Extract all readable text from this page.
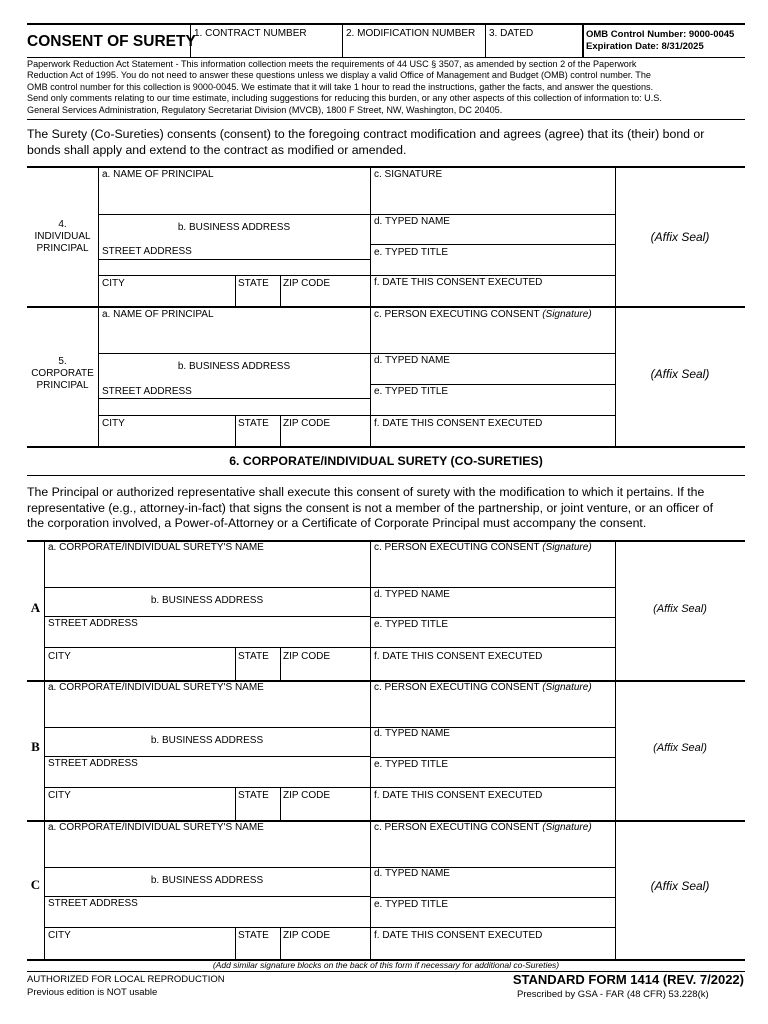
CONSENT OF SURETY
1. CONTRACT NUMBER	2. MODIFICATION NUMBER 3. DATED	OMB Control Number: 9000-0045
Expiration Date: 8/31/2025
Paperwork Reduction Act Statement - This information collection meets the requirements of 44 USC § 3507, as amended by section 2 of the Paperwork
Reduction Act of 1995. You do not need to answer these questions unless we display a valid Office of Management and Budget (OMB) control number. The
OMB control number for this collection is 9000-0045. We estimate that it will take 1 hour to read the instructions, gather the facts, and answer the questions.
Send only comments relating to our time estimate, including suggestions for reducing this burden, or any other aspects of this collection of information to: U.S.
General Services Administration, Regulatory Secretariat Division (MVCB), 1800 F Street, NW, Washington, DC 20405.
The Surety (Co-Sureties) consents (consent) to the foregoing contract modification and agrees (agree) that its (their) bond or
bonds shall apply and extend to the contract as modified or amended.
4.
INDIVIDUAL
PRINCIPAL
a. NAME OF PRINCIPAL
b. BUSINESS ADDRESS
STREET ADDRESS
CITY	STATE ZIP CODE
c. SIGNATURE
d. TYPED NAME
e. TYPED TITLE
f. DATE THIS CONSENT EXECUTED
(Affix Seal)
5.
CORPORATE
PRINCIPAL
a. NAME OF PRINCIPAL
b. BUSINESS ADDRESS
STREET ADDRESS
CITY	STATE ZIP CODE
c. PERSON EXECUTING CONSENT (Signature)
d. TYPED NAME
e. TYPED TITLE
f. DATE THIS CONSENT EXECUTED
(Affix Seal)
6. CORPORATE/INDIVIDUAL SURETY (CO-SURETIES)
The Principal or authorized representative shall execute this consent of surety with the modification to which it pertains. If the
representative (e.g., attorney-in-fact) that signs the consent is not a member of the partnership, or joint venture, or an officer of
the corporation involved, a Power-of-Attorney or a Certificate of Corporate Principal must accompany the consent.
A
a. CORPORATE/INDIVIDUAL SURETY'S NAME
b. BUSINESS ADDRESS
STREET ADDRESS
CITY	STATE ZIP CODE
c. PERSON EXECUTING CONSENT (Signature)
d. TYPED NAME
e. TYPED TITLE
f. DATE THIS CONSENT EXECUTED
(Affix Seal)
B
a. CORPORATE/INDIVIDUAL SURETY'S NAME
b. BUSINESS ADDRESS
STREET ADDRESS
CITY	STATE ZIP CODE
c. PERSON EXECUTING CONSENT (Signature)
d. TYPED NAME
e. TYPED TITLE
f. DATE THIS CONSENT EXECUTED
(Affix Seal)
C
a. CORPORATE/INDIVIDUAL SURETY'S NAME
b. BUSINESS ADDRESS
STREET ADDRESS
CITY	STATE ZIP CODE
c. PERSON EXECUTING CONSENT (Signature)
d. TYPED NAME
e. TYPED TITLE
f. DATE THIS CONSENT EXECUTED
(Affix Seal)
(Add similar signature blocks on the back of this form if necessary for additional co-Sureties)
AUTHORIZED FOR LOCAL REPRODUCTION
Previous edition is NOT usable
STANDARD FORM 1414 (REV. 7/2022)
Prescribed by GSA - FAR (48 CFR) 53.228(k)
